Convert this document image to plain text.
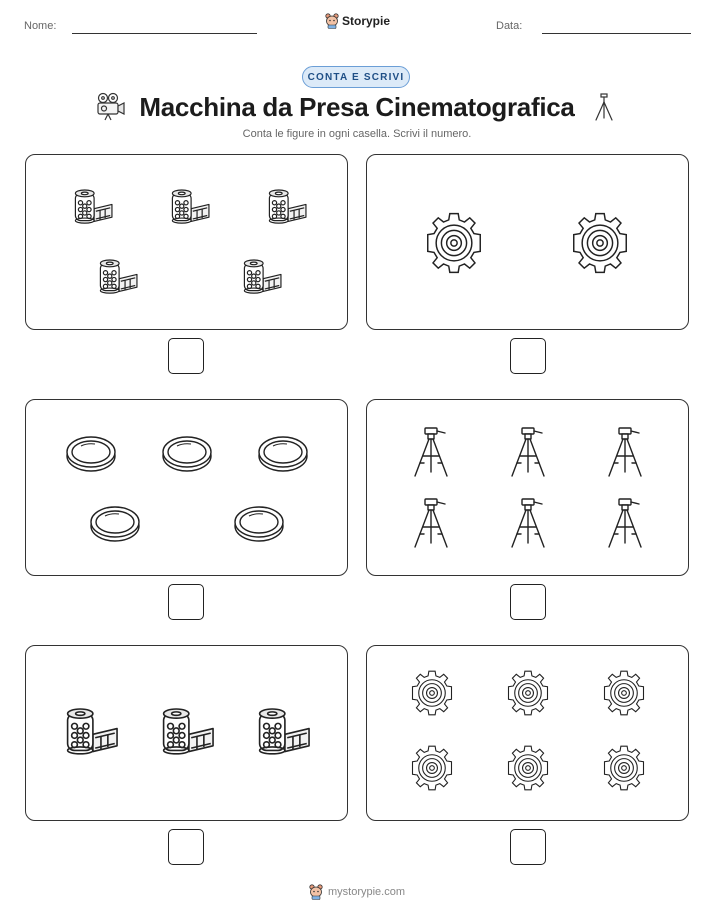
Nome:	Storypie	Data:
CONTA E SCRIVI
Macchina da Presa Cinematografica
Conta le figure in ogni casella. Scrivi il numero.
mystorypie.com
